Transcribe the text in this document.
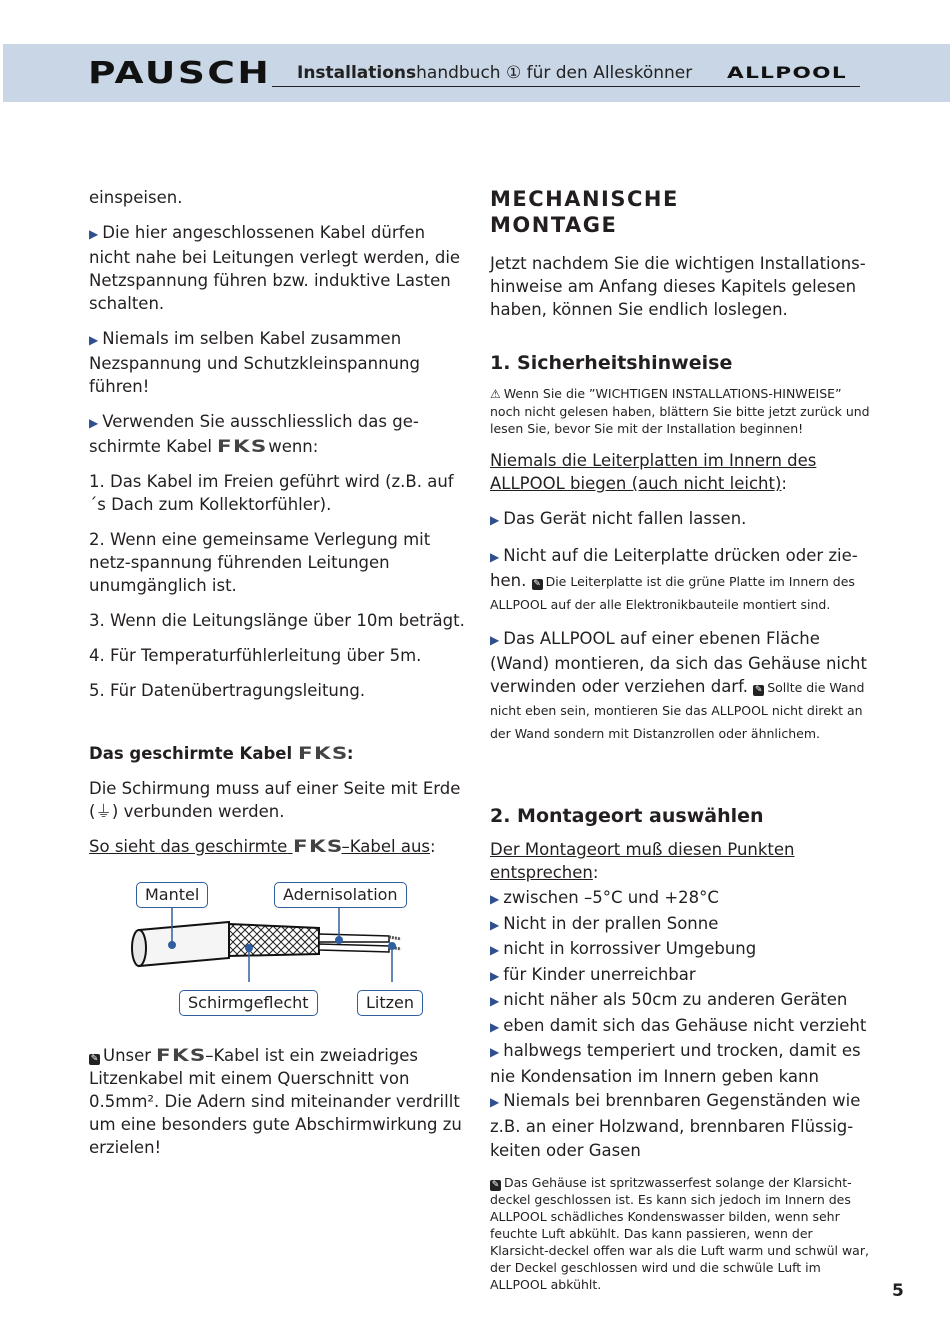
PAUSCH Installationshandbuch ① für den Alleskönner ALLPOOL

einspeisen.

▶ Die hier angeschlossenen Kabel dürfen nicht nahe bei Leitungen verlegt werden, die Netzspannung führen bzw. induktive Lasten schalten.

▶ Niemals im selben Kabel zusammen Nezspannung und Schutzkleinspannung führen!

▶ Verwenden Sie ausschliesslich das ge-schirmte Kabel FKSwenn:

1. Das Kabel im Freien geführt wird (z.B. auf´s Dach zum Kollektorfühler).

2. Wenn eine gemeinsame Verlegung mit netz-spannung führenden Leitungen unumgänglich ist.

3. Wenn die Leitungslänge über 10m beträgt.

4. Für Temperaturfühlerleitung über 5m.

5. Für Datenübertragungsleitung.

Das geschirmte Kabel FKS:

Die Schirmung muss auf einer Seite mit Erde (⏚) verbunden werden.

So sieht das geschirmte FKS–Kabel aus:

Mantel	Adernisolation
Schirmgeflecht	Litzen

✎ Unser FKS–Kabel ist ein zweiadriges Litzenkabel mit einem Querschnitt von 0.5mm². Die Adern sind miteinander verdrillt um eine besonders gute Abschirmwirkung zu erzielen!

MECHANISCHE
MONTAGE

Jetzt nachdem Sie die wichtigen Installations-hinweise am Anfang dieses Kapitels gelesen haben, können Sie endlich loslegen.

1. Sicherheitshinweise

⚠ Wenn Sie die ”WICHTIGEN INSTALLATIONS-HINWEISE” noch nicht gelesen haben, blättern Sie bitte jetzt zurück und lesen Sie, bevor Sie mit der Installation beginnen!

Niemals die Leiterplatten im Innern des ALLPOOL biegen (auch nicht leicht):

▶ Das Gerät nicht fallen lassen.

▶ Nicht auf die Leiterplatte drücken oder zie-hen. ✎ Die Leiterplatte ist die grüne Platte im Innern des ALLPOOL auf der alle Elektronikbauteile montiert sind.

▶ Das ALLPOOL auf einer ebenen Fläche (Wand) montieren, da sich das Gehäuse nicht verwinden oder verziehen darf. ✎ Sollte die Wand nicht eben sein, montieren Sie das ALLPOOL nicht direkt an der Wand sondern mit Distanzrollen oder ähnlichem.

2. Montageort auswählen

Der Montageort muß diesen Punkten entsprechen:

▶ zwischen –5°C und +28°C
▶ Nicht in der prallen Sonne
▶ nicht in korrossiver Umgebung
▶ für Kinder unerreichbar
▶ nicht näher als 50cm zu anderen Geräten
▶ eben damit sich das Gehäuse nicht verzieht
▶ halbwegs temperiert und trocken, damit es nie Kondensation im Innern geben kann
▶ Niemals bei brennbaren Gegenständen wie z.B. an einer Holzwand, brennbaren Flüssig-keiten oder Gasen

✎ Das Gehäuse ist spritzwasserfest solange der Klarsicht-deckel geschlossen ist. Es kann sich jedoch im Innern des ALLPOOL schädliches Kondenswasser bilden, wenn sehr feuchte Luft abkühlt. Das kann passieren, wenn der Klarsicht-deckel offen war als die Luft warm und schwül war, der Deckel geschlossen wird und die schwüle Luft im ALLPOOL abkühlt.	5
